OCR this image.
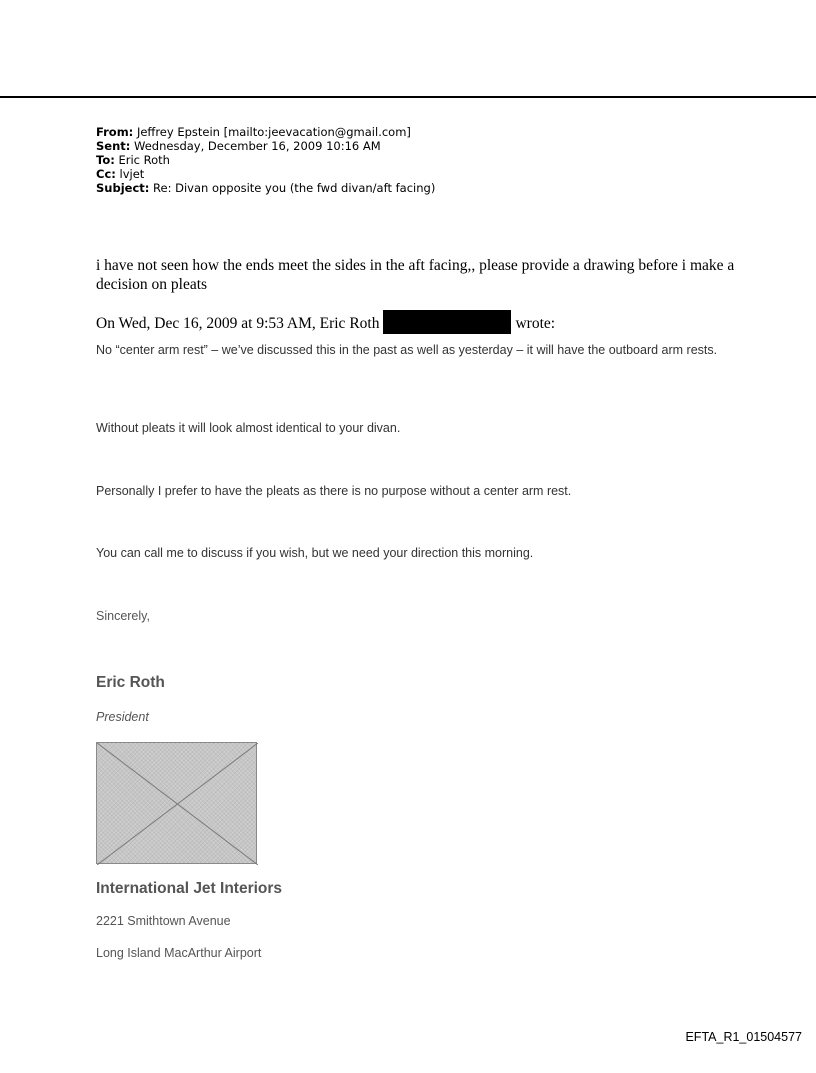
From: Jeffrey Epstein [mailto:jeevacation@gmail.com]
Sent: Wednesday, December 16, 2009 10:16 AM
To: Eric Roth
Cc: lvjet
Subject: Re: Divan opposite you (the fwd divan/aft facing)
i have not seen how the ends meet the sides in the aft facing,, please provide a drawing before i make a decision on pleats
On Wed, Dec 16, 2009 at 9:53 AM, Eric Roth	wrote:
No “center arm rest” – we’ve discussed this in the past as well as yesterday – it will have the outboard arm rests.
Without pleats it will look almost identical to your divan.
Personally I prefer to have the pleats as there is no purpose without a center arm rest.
You can call me to discuss if you wish, but we need your direction this morning.
Sincerely,
Eric Roth
President
International Jet Interiors
2221 Smithtown Avenue
Long Island MacArthur Airport
EFTA_R1_01504577
